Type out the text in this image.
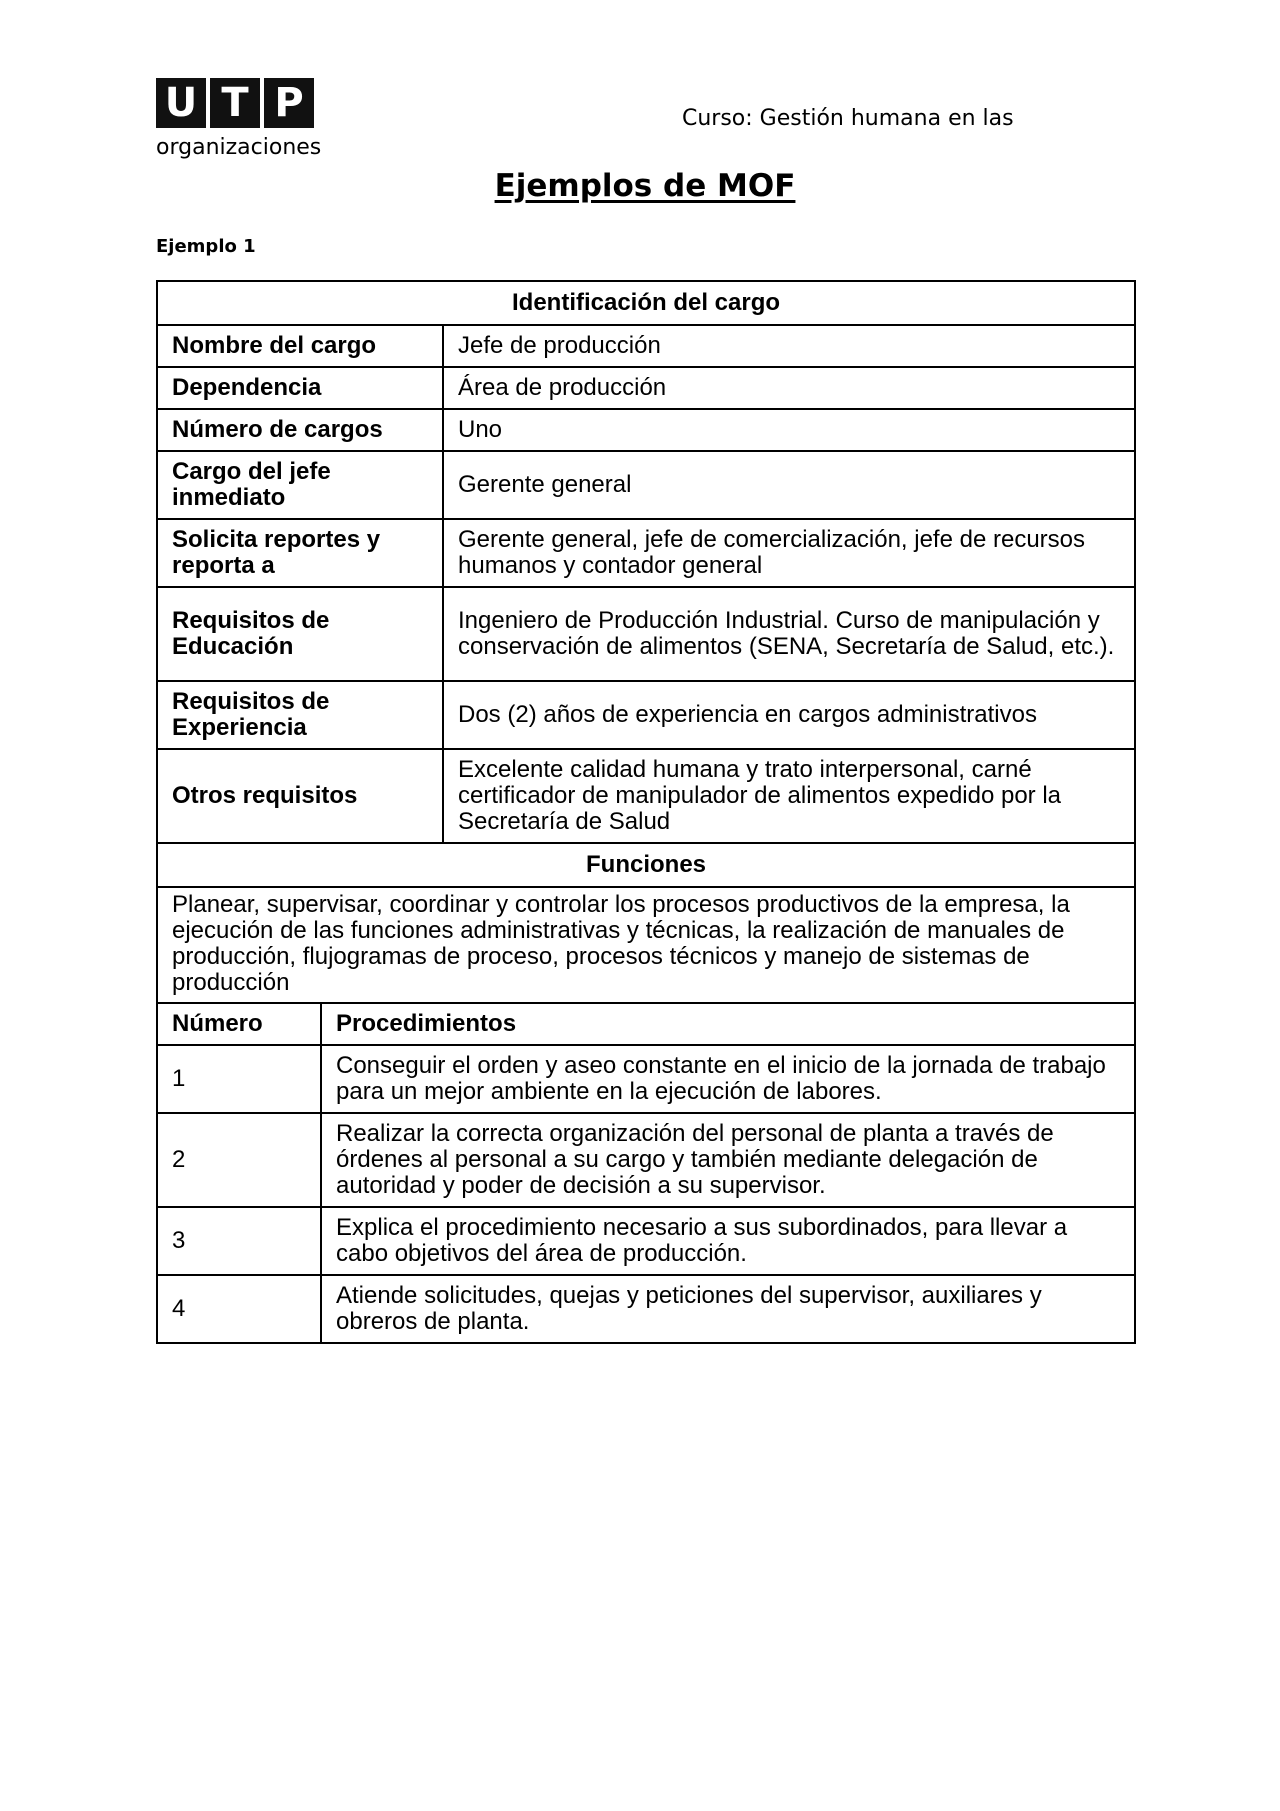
U T P	Curso: Gestión humana en las
organizaciones
Ejemplos de MOF
Ejemplo 1
Identificación del cargo		
Nombre del cargo		Jefe de producción
Dependencia		Área de producción
Número de cargos		Uno
Cargo del jefe inmediato		Gerente general
Solicita reportes y reporta a		Gerente general, jefe de comercialización, jefe de recursos humanos y contador general
Requisitos de Educación		Ingeniero de Producción Industrial. Curso de manipulación y conservación de alimentos (SENA, Secretaría de Salud, etc.).
Requisitos de Experiencia		Dos (2) años de experiencia en cargos administrativos
Otros requisitos		Excelente calidad humana y trato interpersonal, carné certificador de manipulador de alimentos expedido por la Secretaría de Salud
Funciones		
Planear, supervisar, coordinar y controlar los procesos productivos de la empresa, la ejecución de las funciones administrativas y técnicas, la realización de manuales de producción, flujogramas de proceso, procesos técnicos y manejo de sistemas de producción		
Número	Procedimientos	
1	Conseguir el orden y aseo constante en el inicio de la jornada de trabajo para un mejor ambiente en la ejecución de labores.	
2	Realizar la correcta organización del personal de planta a través de órdenes al personal a su cargo y también mediante delegación de autoridad y poder de decisión a su supervisor.	
3	Explica el procedimiento necesario a sus subordinados, para llevar a cabo objetivos del área de producción.	
4	Atiende solicitudes, quejas y peticiones del supervisor, auxiliares y obreros de planta.	
